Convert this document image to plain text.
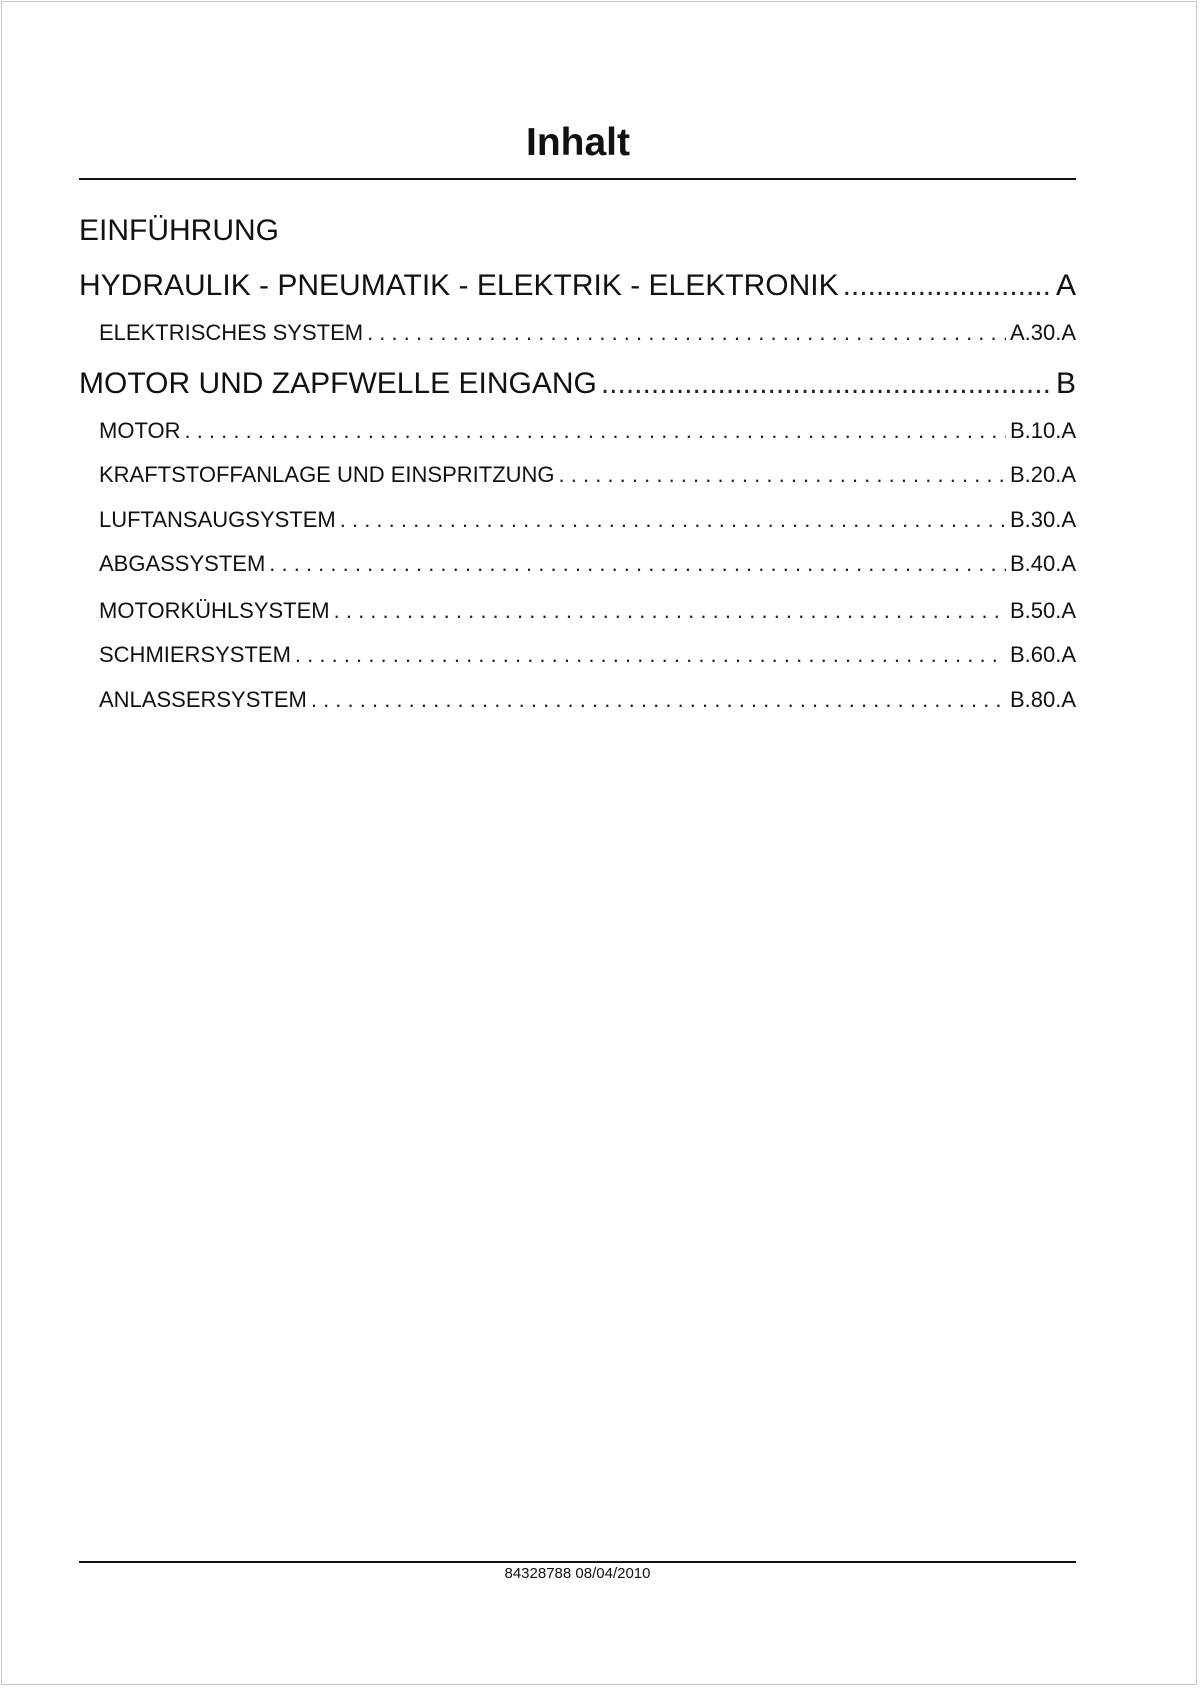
Inhalt
EINFÜHRUNG
HYDRAULIK - PNEUMATIK - ELEKTRIK - ELEKTRONIK .....	A
ELEKTRISCHES SYSTEM . . .	A.30.A
MOTOR UND ZAPFWELLE EINGANG .....	B
MOTOR . . .	B.10.A
KRAFTSTOFFANLAGE UND EINSPRITZUNG . . .	B.20.A
LUFTANSAUGSYSTEM . . .	B.30.A
ABGASSYSTEM . . .	B.40.A
MOTORKÜHLSYSTEM . . .	B.50.A
SCHMIERSYSTEM . . .	B.60.A
ANLASSERSYSTEM . . .	B.80.A
84328788 08/04/2010
